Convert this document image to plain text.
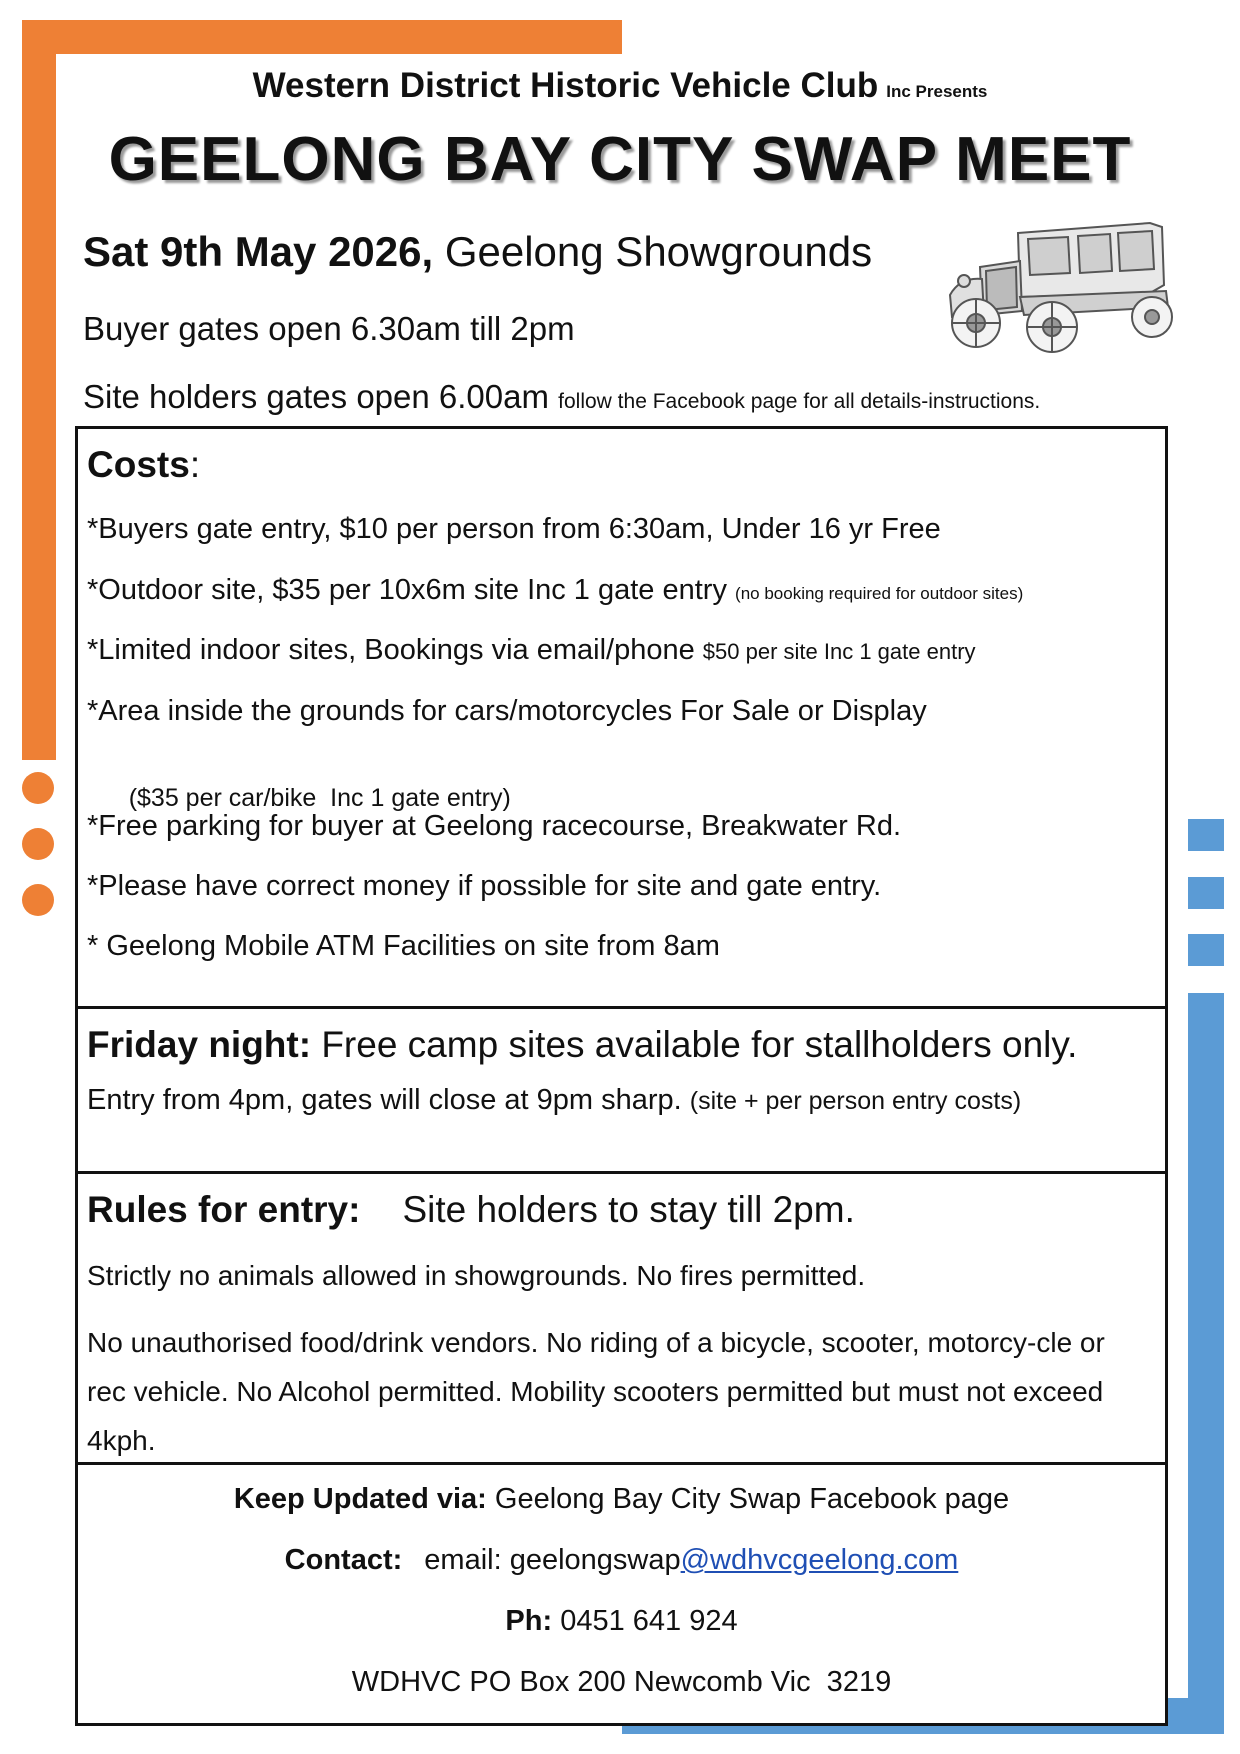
Western District Historic Vehicle Club Inc Presents
GEELONG BAY CITY SWAP MEET
Sat 9th May 2026, Geelong Showgrounds
Buyer gates open 6.30am till 2pm
Site holders gates open 6.00am follow the Facebook page for all details-instructions.
Costs:
*Buyers gate entry, $10 per person from 6:30am, Under 16 yr Free
*Outdoor site, $35 per 10x6m site Inc 1 gate entry (no booking required for outdoor sites)
*Limited indoor sites, Bookings via email/phone $50 per site Inc 1 gate entry
*Area inside the grounds for cars/motorcycles For Sale or Display

($35 per car/bike  Inc 1 gate entry)

*Free parking for buyer at Geelong racecourse, Breakwater Rd.
*Please have correct money if possible for site and gate entry.
* Geelong Mobile ATM Facilities on site from 8am
Friday night: Free camp sites available for stallholders only.
Entry from 4pm, gates will close at 9pm sharp. (site + per person entry costs)
Rules for entry: Site holders to stay till 2pm.
Strictly no animals allowed in showgrounds. No fires permitted.
No unauthorised food/drink vendors. No riding of a bicycle, scooter, motorcy-cle or rec vehicle. No Alcohol permitted. Mobility scooters permitted but must not exceed 4kph.
Keep Updated via: Geelong Bay City Swap Facebook page
Contact: email: geelongswap@wdhvcgeelong.com
Ph: 0451 641 924
WDHVC PO Box 200 Newcomb Vic  3219
